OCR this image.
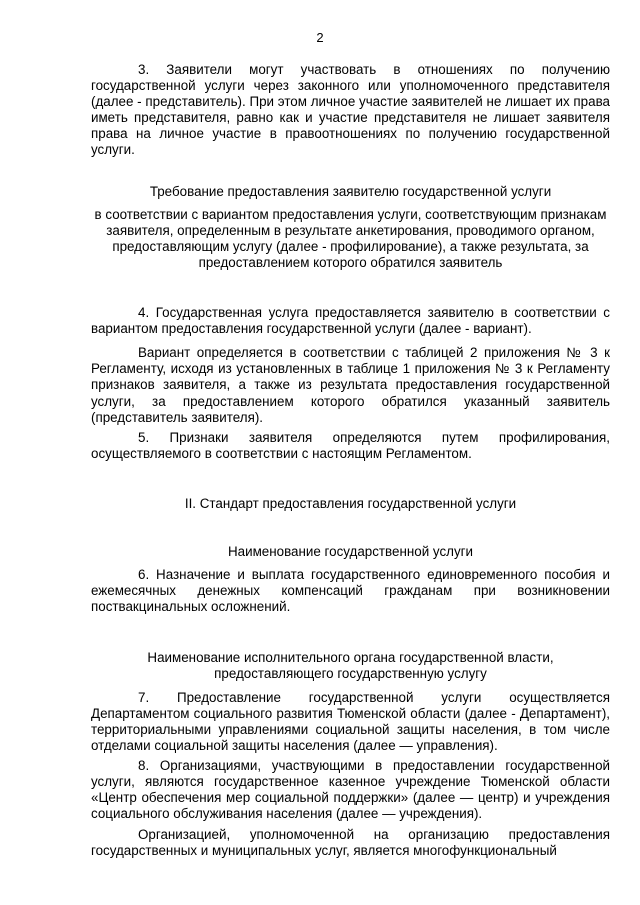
2

3. Заявители могут участвовать в отношениях по получению государственной услуги через законного или уполномоченного представителя (далее - представитель). При этом личное участие заявителей не лишает их права иметь представителя, равно как и участие представителя не лишает заявителя права на личное участие в правоотношениях по получению государственной услуги.

Требование предоставления заявителю государственной услуги

в соответствии с вариантом предоставления услуги, соответствующим признакам заявителя, определенным в результате анкетирования, проводимого органом, предоставляющим услугу (далее - профилирование), а также результата, за предоставлением которого обратился заявитель

4. Государственная услуга предоставляется заявителю в соответствии с вариантом предоставления государственной услуги (далее - вариант).

Вариант определяется в соответствии с таблицей 2 приложения № 3 к Регламенту, исходя из установленных в таблице 1 приложения № 3 к Регламенту признаков заявителя, а также из результата предоставления государственной услуги, за предоставлением которого обратился указанный заявитель (представитель заявителя).

5. Признаки заявителя определяются путем профилирования, осуществляемого в соответствии с настоящим Регламентом.

II. Стандарт предоставления государственной услуги

Наименование государственной услуги

6. Назначение и выплата государственного единовременного пособия и ежемесячных денежных компенсаций гражданам при возникновении поствакцинальных осложнений.

Наименование исполнительного органа государственной власти, предоставляющего государственную услугу

7. Предоставление государственной услуги осуществляется Департаментом социального развития Тюменской области (далее - Департамент), территориальными управлениями социальной защиты населения, в том числе отделами социальной защиты населения (далее — управления).

8. Организациями, участвующими в предоставлении государственной услуги, являются государственное казенное учреждение Тюменской области «Центр обеспечения мер социальной поддержки» (далее — центр) и учреждения социального обслуживания населения (далее — учреждения).

Организацией, уполномоченной на организацию предоставления государственных и муниципальных услуг, является многофункциональный
